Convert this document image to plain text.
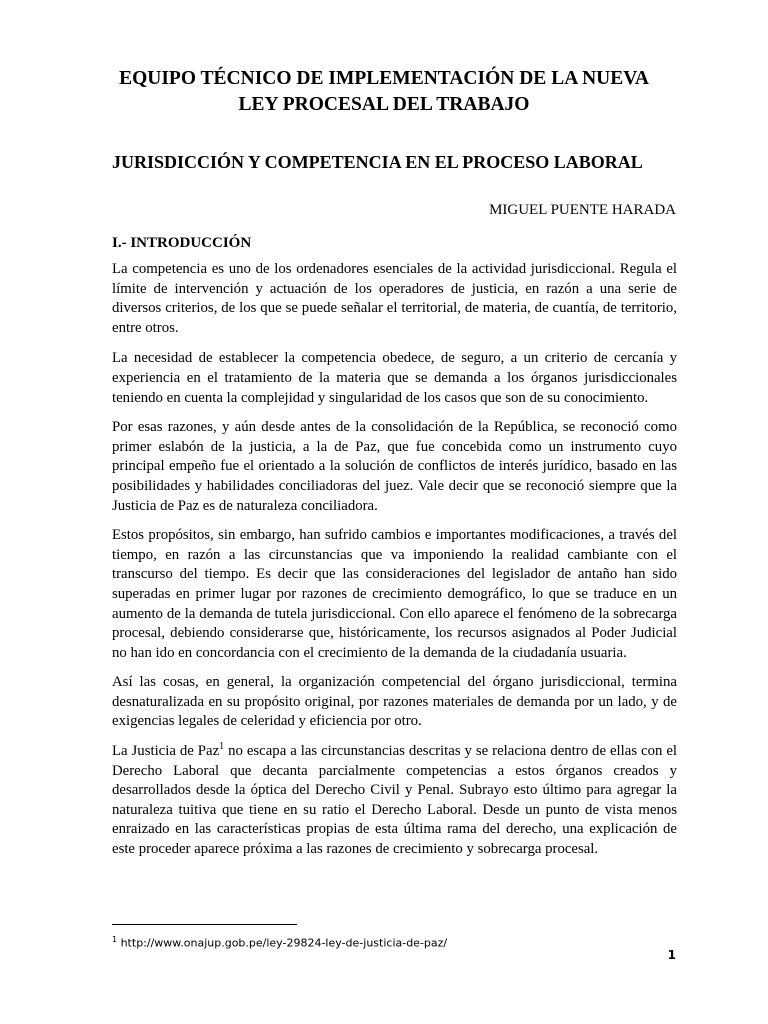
EQUIPO TÉCNICO DE IMPLEMENTACIÓN DE LA NUEVA LEY PROCESAL DEL TRABAJO
JURISDICCIÓN Y COMPETENCIA EN EL PROCESO LABORAL

MIGUEL PUENTE HARADA

I.- INTRODUCCIÓN

La competencia es uno de los ordenadores esenciales de la actividad jurisdiccional. Regula el límite de intervención y actuación de los operadores de justicia, en razón a una serie de diversos criterios, de los que se puede señalar el territorial, de materia, de cuantía, de territorio, entre otros.

La necesidad de establecer la competencia obedece, de seguro, a un criterio de cercanía y experiencia en el tratamiento de la materia que se demanda a los órganos jurisdiccionales teniendo en cuenta la complejidad y singularidad de los casos que son de su conocimiento.

Por esas razones, y aún desde antes de la consolidación de la República, se reconoció como primer eslabón de la justicia, a la de Paz, que fue concebida como un instrumento cuyo principal empeño fue el orientado a la solución de conflictos de interés jurídico, basado en las posibilidades y habilidades conciliadoras del juez. Vale decir que se reconoció siempre que la Justicia de Paz es de naturaleza conciliadora.

Estos propósitos, sin embargo, han sufrido cambios e importantes modificaciones, a través del tiempo, en razón a las circunstancias que va imponiendo la realidad cambiante con el transcurso del tiempo. Es decir que las consideraciones del legislador de antaño han sido superadas en primer lugar por razones de crecimiento demográfico, lo que se traduce en un aumento de la demanda de tutela jurisdiccional. Con ello aparece el fenómeno de la sobrecarga procesal, debiendo considerarse que, históricamente, los recursos asignados al Poder Judicial no han ido en concordancia con el crecimiento de la demanda de la ciudadanía usuaria.

Así las cosas, en general, la organización competencial del órgano jurisdiccional, termina desnaturalizada en su propósito original, por razones materiales de demanda por un lado, y de exigencias legales de celeridad y eficiencia por otro.

La Justicia de Paz$^1$ no escapa a las circunstancias descritas y se relaciona dentro de ellas con el Derecho Laboral que decanta parcialmente competencias a estos órganos creados y desarrollados desde la óptica del Derecho Civil y Penal. Subrayo esto último para agregar la naturaleza tuitiva que tiene en su ratio el Derecho Laboral. Desde un punto de vista menos enraizado en las características propias de esta última rama del derecho, una explicación de este proceder aparece próxima a las razones de crecimiento y sobrecarga procesal.

$^1$ http://www.onajup.gob.pe/ley-29824-ley-de-justicia-de-paz/

1
